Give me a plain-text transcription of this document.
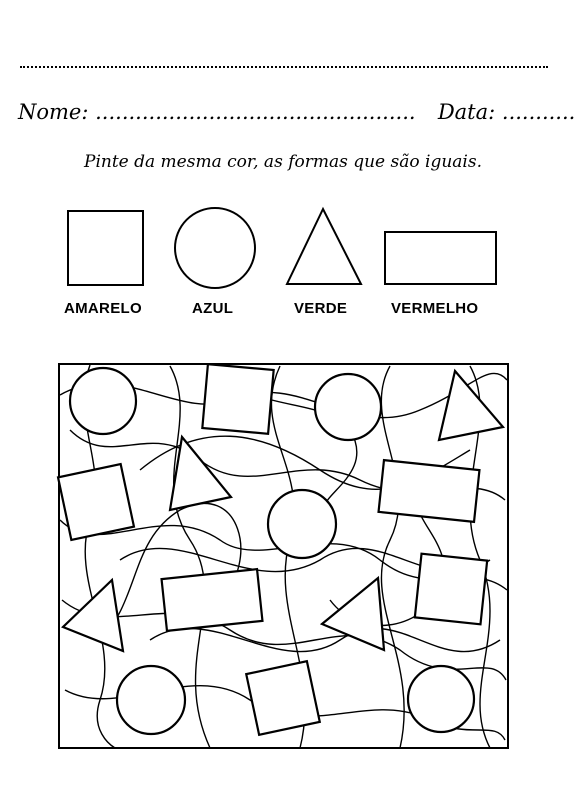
Nome: ................................................ Data: ...........
Pinte da mesma cor, as formas que são iguais.
AMARELO	AZUL	VERDE	VERMELHO
